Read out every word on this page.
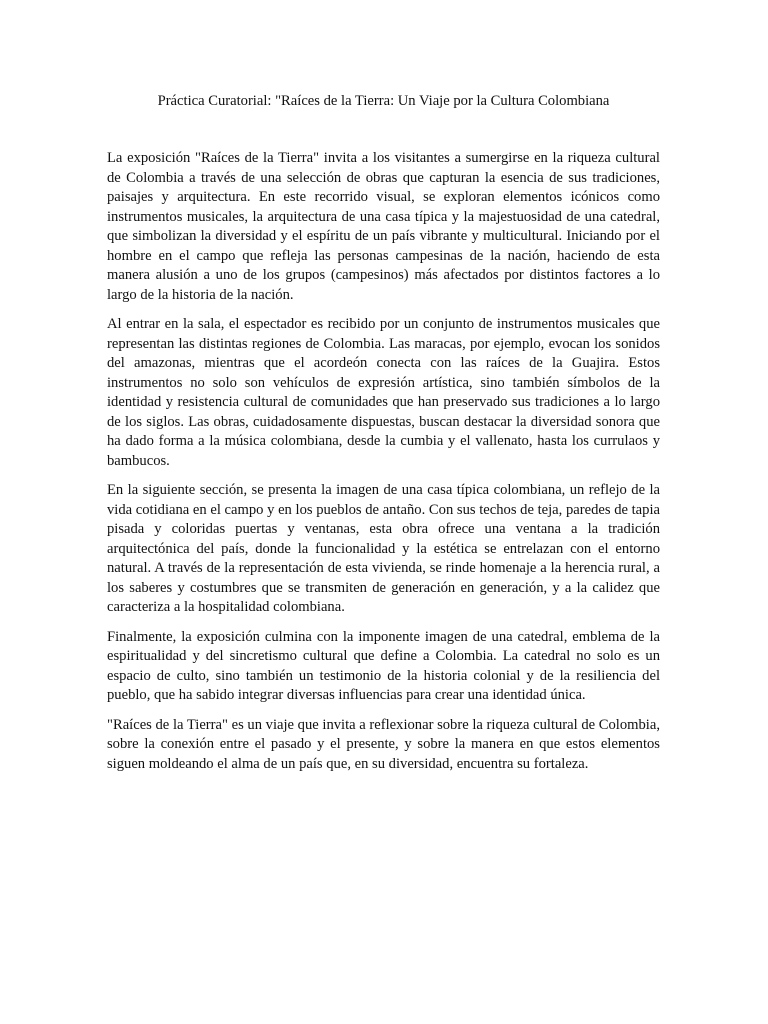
Práctica Curatorial: "Raíces de la Tierra: Un Viaje por la Cultura Colombiana

La exposición "Raíces de la Tierra" invita a los visitantes a sumergirse en la riqueza cultural de Colombia a través de una selección de obras que capturan la esencia de sus tradiciones, paisajes y arquitectura. En este recorrido visual, se exploran elementos icónicos como instrumentos musicales, la arquitectura de una casa típica y la majestuosidad de una catedral, que simbolizan la diversidad y el espíritu de un país vibrante y multicultural. Iniciando por el hombre en el campo que refleja las personas campesinas de la nación, haciendo de esta manera alusión a uno de los grupos (campesinos) más afectados por distintos factores a lo largo de la historia de la nación.

Al entrar en la sala, el espectador es recibido por un conjunto de instrumentos musicales que representan las distintas regiones de Colombia. Las maracas, por ejemplo, evocan los sonidos del amazonas, mientras que el acordeón conecta con las raíces de la Guajira. Estos instrumentos no solo son vehículos de expresión artística, sino también símbolos de la identidad y resistencia cultural de comunidades que han preservado sus tradiciones a lo largo de los siglos. Las obras, cuidadosamente dispuestas, buscan destacar la diversidad sonora que ha dado forma a la música colombiana, desde la cumbia y el vallenato, hasta los currulaos y bambucos.

En la siguiente sección, se presenta la imagen de una casa típica colombiana, un reflejo de la vida cotidiana en el campo y en los pueblos de antaño. Con sus techos de teja, paredes de tapia pisada y coloridas puertas y ventanas, esta obra ofrece una ventana a la tradición arquitectónica del país, donde la funcionalidad y la estética se entrelazan con el entorno natural. A través de la representación de esta vivienda, se rinde homenaje a la herencia rural, a los saberes y costumbres que se transmiten de generación en generación, y a la calidez que caracteriza a la hospitalidad colombiana.

Finalmente, la exposición culmina con la imponente imagen de una catedral, emblema de la espiritualidad y del sincretismo cultural que define a Colombia. La catedral no solo es un espacio de culto, sino también un testimonio de la historia colonial y de la resiliencia del pueblo, que ha sabido integrar diversas influencias para crear una identidad única.

"Raíces de la Tierra" es un viaje que invita a reflexionar sobre la riqueza cultural de Colombia, sobre la conexión entre el pasado y el presente, y sobre la manera en que estos elementos siguen moldeando el alma de un país que, en su diversidad, encuentra su fortaleza.
